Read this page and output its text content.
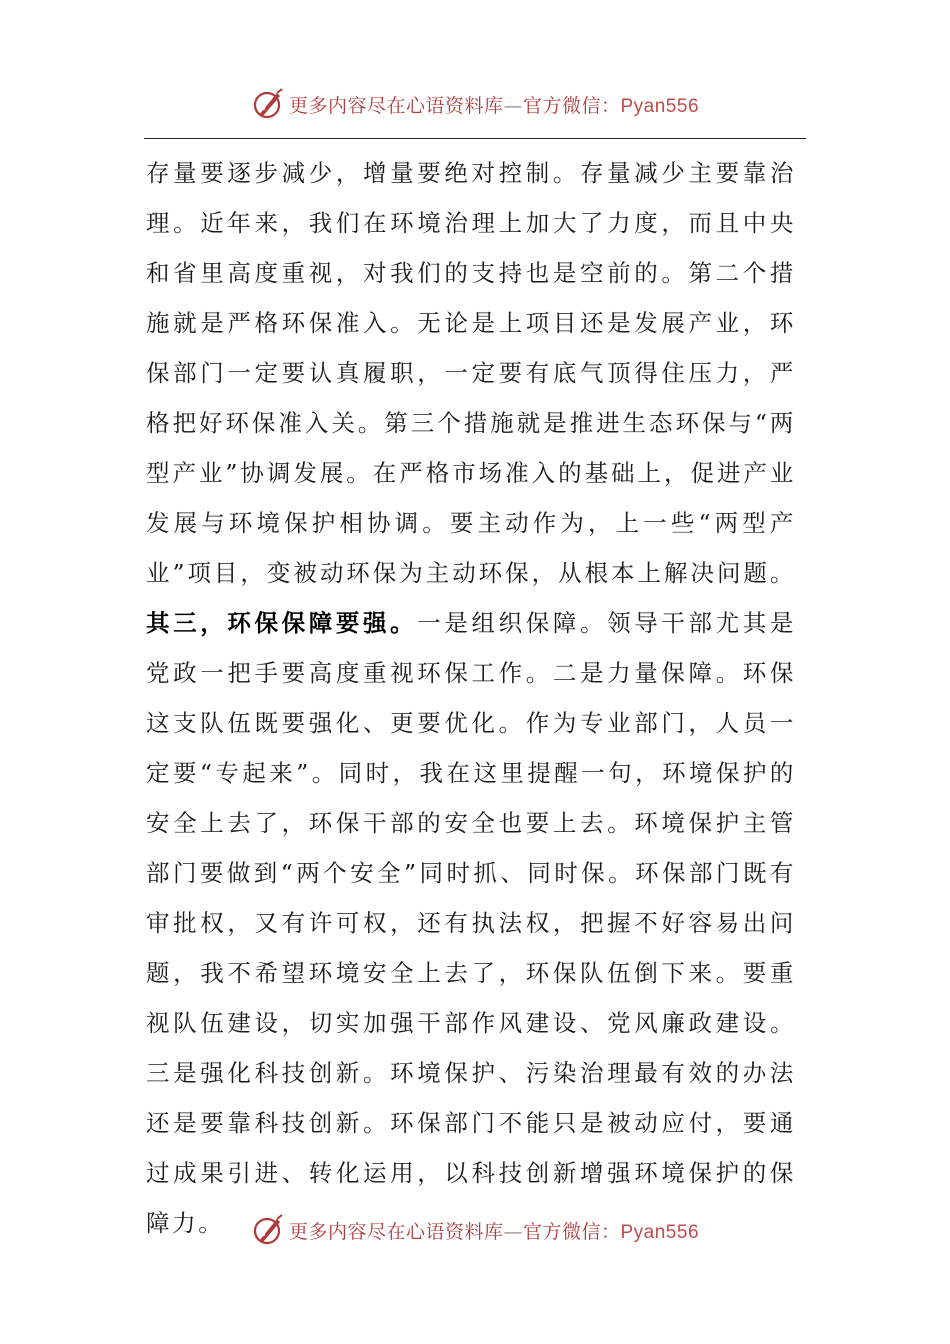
更多内容尽在心语资料库—官方微信：Pyan556

存量要逐步减少，增量要绝对控制。存量减少主要靠治理。近年来，我们在环境治理上加大了力度，而且中央和省里高度重视，对我们的支持也是空前的。第二个措施就是严格环保准入。无论是上项目还是发展产业，环保部门一定要认真履职，一定要有底气顶得住压力，严格把好环保准入关。第三个措施就是推进生态环保与“两型产业”协调发展。在严格市场准入的基础上，促进产业发展与环境保护相协调。要主动作为，上一些“两型产业”项目，变被动环保为主动环保，从根本上解决问题。其三，环保保障要强。一是组织保障。领导干部尤其是党政一把手要高度重视环保工作。二是力量保障。环保这支队伍既要强化、更要优化。作为专业部门，人员一定要“专起来”。同时，我在这里提醒一句，环境保护的安全上去了，环保干部的安全也要上去。环境保护主管部门要做到“两个安全”同时抓、同时保。环保部门既有审批权，又有许可权，还有执法权，把握不好容易出问题，我不希望环境安全上去了，环保队伍倒下来。要重视队伍建设，切实加强干部作风建设、党风廉政建设。三是强化科技创新。环境保护、污染治理最有效的办法还是要靠科技创新。环保部门不能只是被动应付，要通过成果引进、转化运用，以科技创新增强环境保护的保障力。	更多内容尽在心语资料库—官方微信：Pyan556
